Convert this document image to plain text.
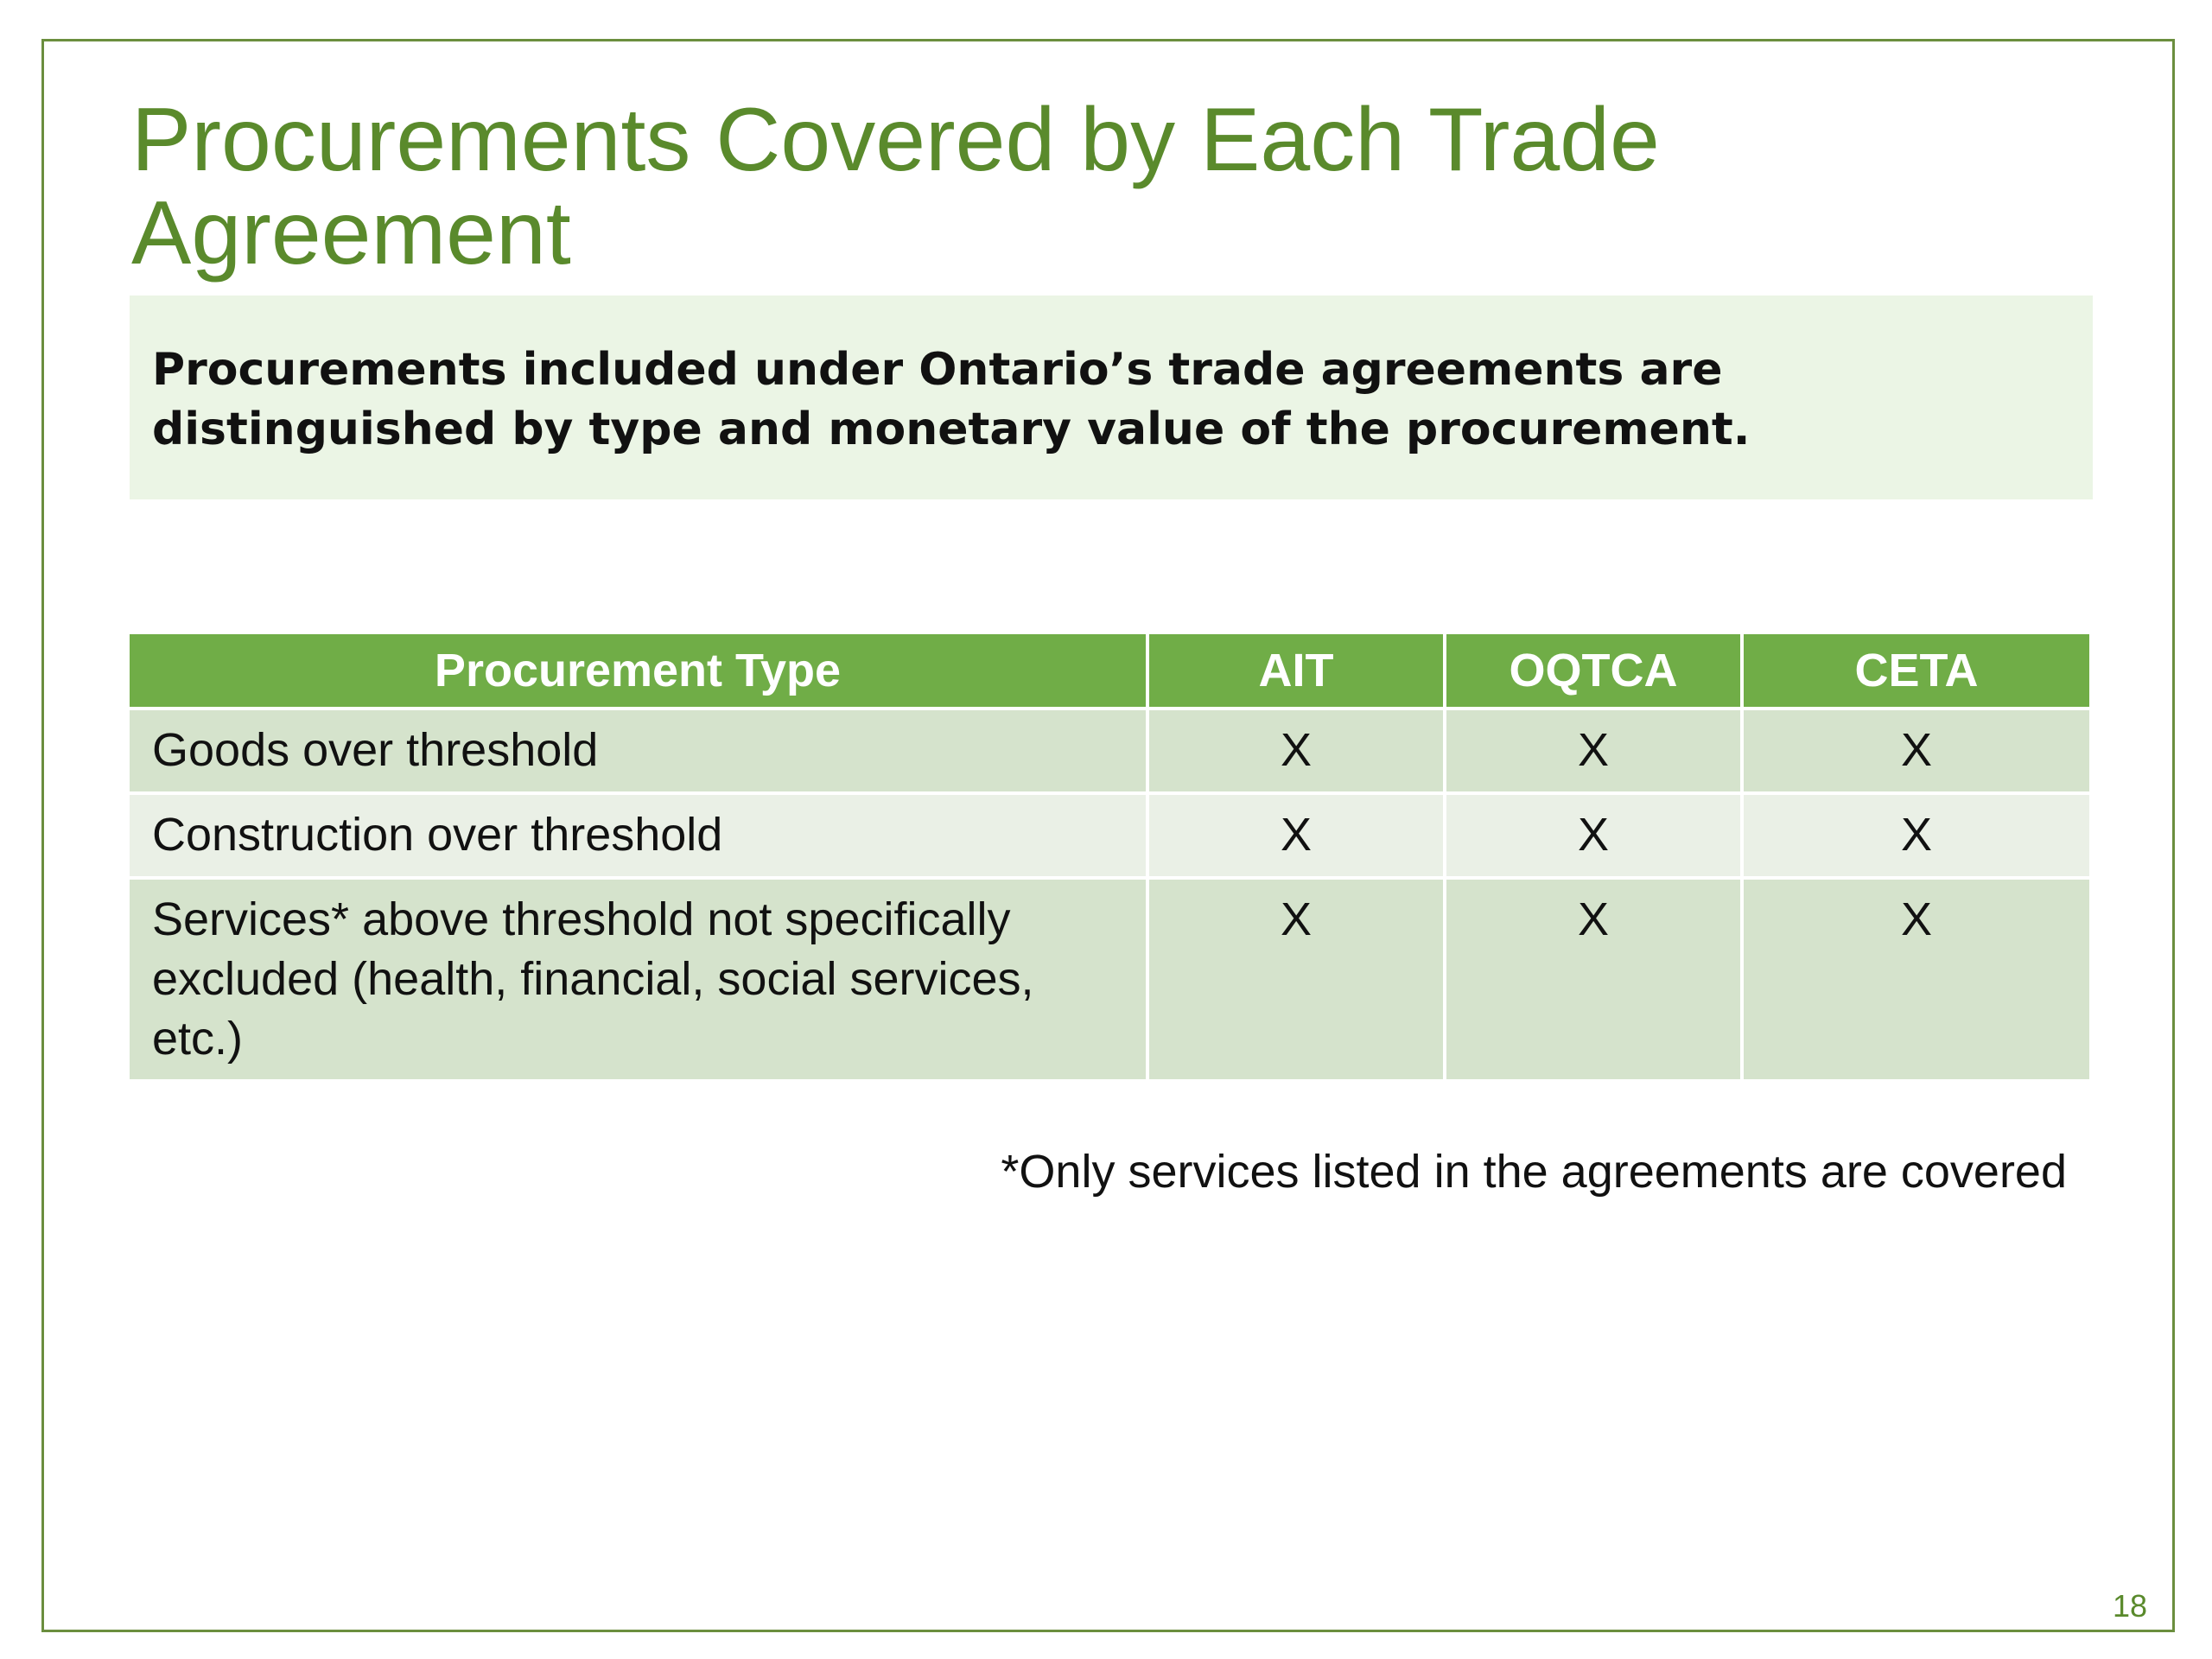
Procurements Covered by Each Trade Agreement
Procurements included under Ontario’s trade agreements are distinguished by type and monetary value of the procurement.
Procurement Type	AIT	OQTCA	CETA
Goods over threshold	X	X	X
Construction over threshold	X	X	X
Services* above threshold not specifically excluded (health, financial, social services, etc.)	X	X	X
*Only services listed in the agreements are covered
18
